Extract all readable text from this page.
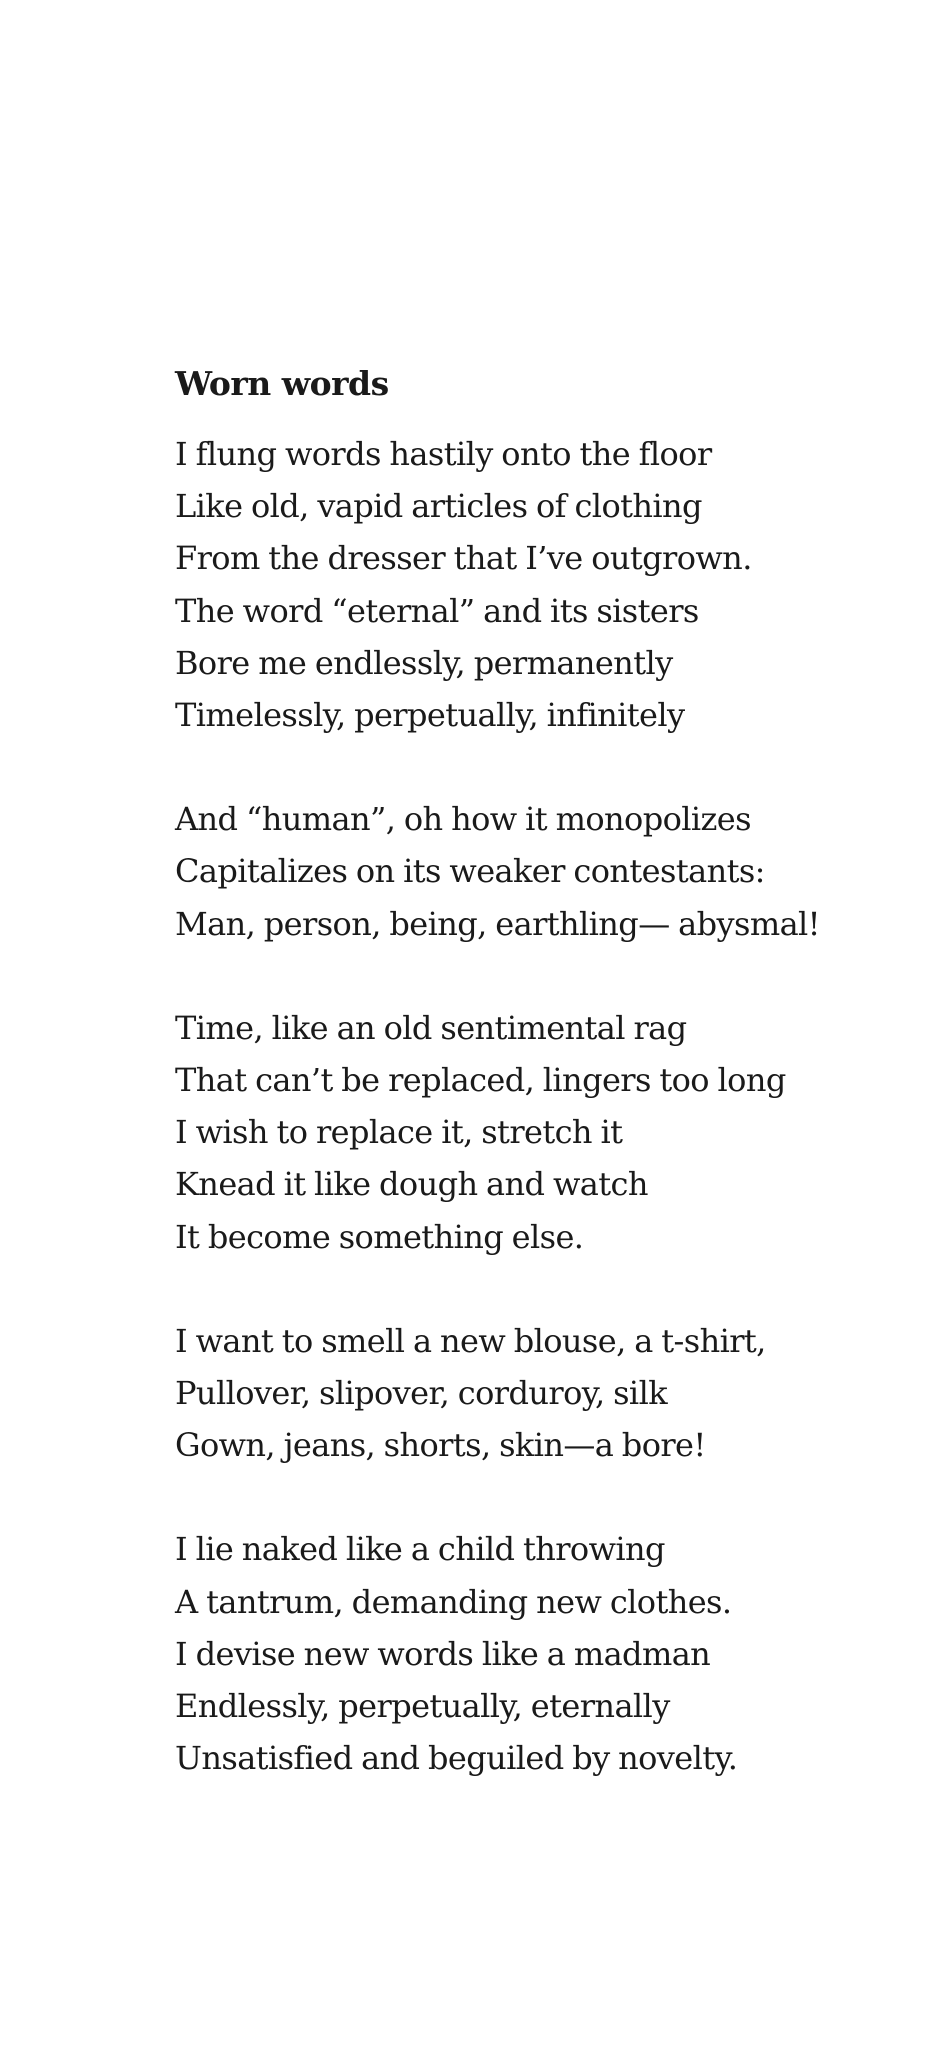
Worn words
I flung words hastily onto the floor
Like old, vapid articles of clothing
From the dresser that I’ve outgrown.
The word “eternal” and its sisters
Bore me endlessly, permanently
Timelessly, perpetually, infinitely
And “human”, oh how it monopolizes
Capitalizes on its weaker contestants:
Man, person, being, earthling— abysmal!
Time, like an old sentimental rag
That can’t be replaced, lingers too long
I wish to replace it, stretch it
Knead it like dough and watch
It become something else.
I want to smell a new blouse, a t-shirt,
Pullover, slipover, corduroy, silk
Gown, jeans, shorts, skin—a bore!
I lie naked like a child throwing
A tantrum, demanding new clothes.
I devise new words like a madman
Endlessly, perpetually, eternally
Unsatisfied and beguiled by novelty.
